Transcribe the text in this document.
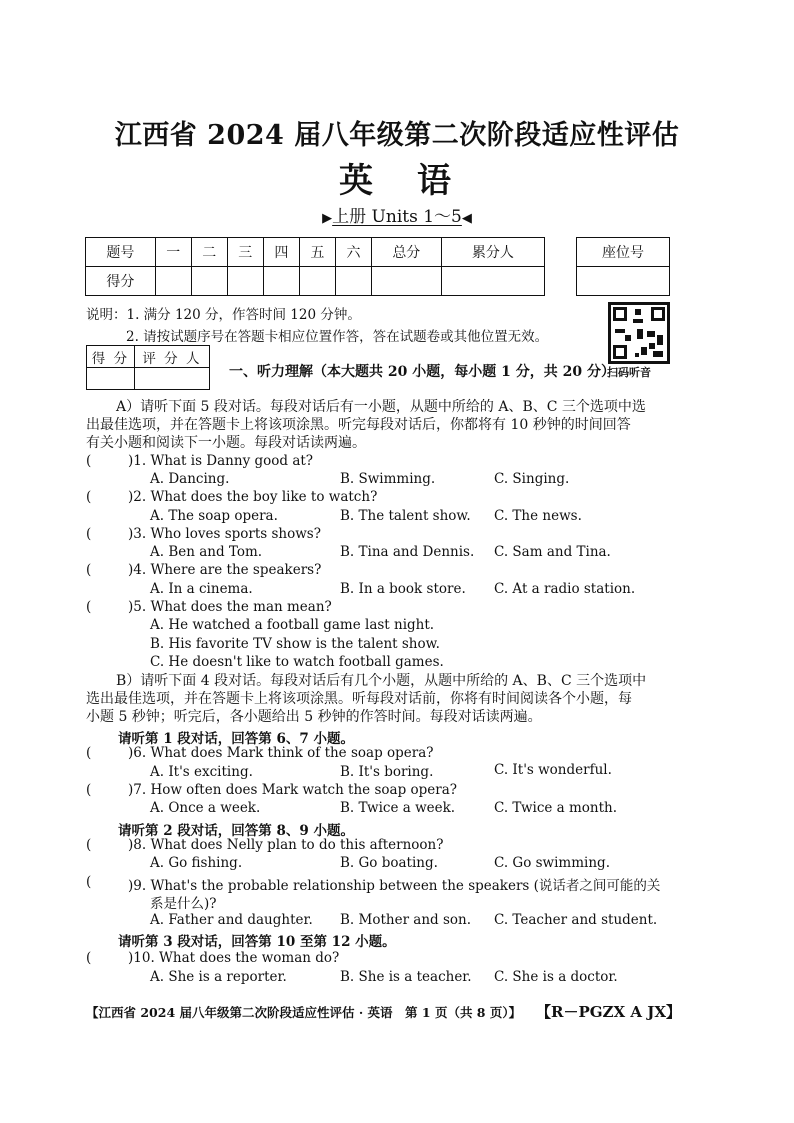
江西省 2024 届八年级第二次阶段适应性评估
英语
▶上册 Units 1～5◀
题号	一	二	三	四	五	六	总分	累分人
得分								
座位号

说明：1. 满分 120 分，作答时间 120 分钟。
2. 请按试题序号在答题卡相应位置作答，答在试题卷或其他位置无效。
扫码听音
得 分	评 分 人

一、听力理解（本大题共 20 小题，每小题 1 分，共 20 分）
A）请听下面 5 段对话。每段对话后有一小题，从题中所给的 A、B、C 三个选项中选
出最佳选项，并在答题卡上将该项涂黑。听完每段对话后，你都将有 10 秒钟的时间回答
有关小题和阅读下一小题。每段对话读两遍。
(	)1. What is Danny good at?
A. Dancing.	B. Swimming.	C. Singing.
(	)2. What does the boy like to watch?
A. The soap opera.	B. The talent show. C. The news.
(	)3. Who loves sports shows?
A. Ben and Tom.	B. Tina and Dennis. C. Sam and Tina.
(	)4. Where are the speakers?
A. In a cinema.	B. In a book store. C. At a radio station.
(	)5. What does the man mean?
A. He watched a football game last night.
B. His favorite TV show is the talent show.
C. He doesn't like to watch football games.
B）请听下面 4 段对话。每段对话后有几个小题，从题中所给的 A、B、C 三个选项中
选出最佳选项，并在答题卡上将该项涂黑。听每段对话前，你将有时间阅读各个小题，每
小题 5 秒钟；听完后，各小题给出 5 秒钟的作答时间。每段对话读两遍。
请听第 1 段对话，回答第 6、7 小题。
(	)6. What does Mark think of the soap opera?
A. It's exciting.	B. It's boring.	C. It's wonderful.
(	)7. How often does Mark watch the soap opera?
A. Once a week.	B. Twice a week.	C. Twice a month.
请听第 2 段对话，回答第 8、9 小题。
(	)8. What does Nelly plan to do this afternoon?
A. Go fishing.	B. Go boating.	C. Go swimming.
(	)9. What's the probable relationship between the speakers (说话者之间可能的关
系是什么)?
A. Father and daughter. B. Mother and son. C. Teacher and student.
请听第 3 段对话，回答第 10 至第 12 小题。
(	)10. What does the woman do?
A. She is a reporter.	B. She is a teacher. C. She is a doctor.
【江西省 2024 届八年级第二次阶段适应性评估 · 英语　第 1 页（共 8 页）】 【R－PGZX A JX】
